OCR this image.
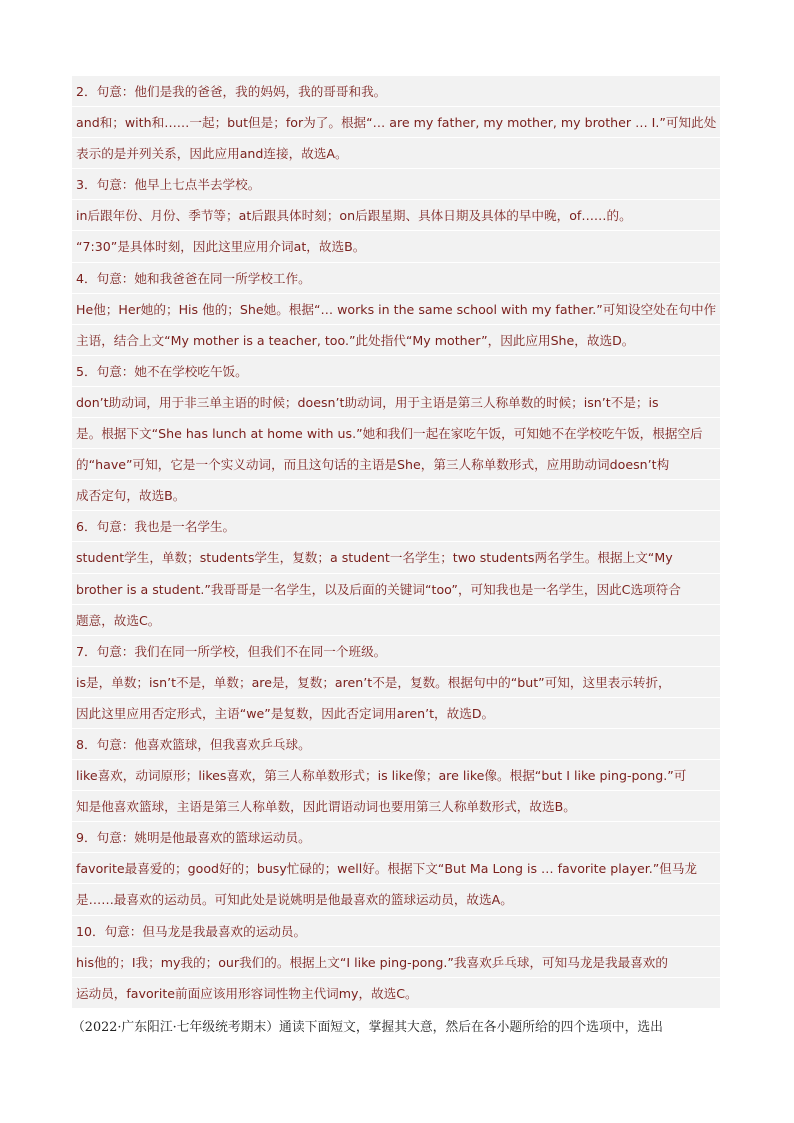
2．句意：他们是我的爸爸，我的妈妈，我的哥哥和我。
and和；with和……一起；but但是；for为了。根据“… are my father, my mother, my brother … I.”可知此处
表示的是并列关系，因此应用and连接，故选A。
3．句意：他早上七点半去学校。
in后跟年份、月份、季节等；at后跟具体时刻；on后跟星期、具体日期及具体的早中晚，of……的。
“7:30”是具体时刻，因此这里应用介词at，故选B。
4．句意：她和我爸爸在同一所学校工作。
He他；Her她的；His 他的；She她。根据“… works in the same school with my father.”可知设空处在句中作
主语，结合上文“My mother is a teacher, too.”此处指代“My mother”，因此应用She，故选D。
5．句意：她不在学校吃午饭。
don’t助动词，用于非三单主语的时候；doesn’t助动词，用于主语是第三人称单数的时候；isn’t不是；is
是。根据下文“She has lunch at home with us.”她和我们一起在家吃午饭，可知她不在学校吃午饭，根据空后
的“have”可知，它是一个实义动词，而且这句话的主语是She，第三人称单数形式，应用助动词doesn’t构
成否定句，故选B。
6．句意：我也是一名学生。
student学生，单数；students学生，复数；a student一名学生；two students两名学生。根据上文“My
brother is a student.”我哥哥是一名学生，以及后面的关键词“too”，可知我也是一名学生，因此C选项符合
题意，故选C。
7．句意：我们在同一所学校，但我们不在同一个班级。
is是，单数；isn’t不是，单数；are是，复数；aren’t不是，复数。根据句中的“but”可知，这里表示转折，
因此这里应用否定形式，主语“we”是复数，因此否定词用aren’t，故选D。
8．句意：他喜欢篮球，但我喜欢乒乓球。
like喜欢，动词原形；likes喜欢，第三人称单数形式；is like像；are like像。根据“but I like ping-pong.”可
知是他喜欢篮球，主语是第三人称单数，因此谓语动词也要用第三人称单数形式，故选B。
9．句意：姚明是他最喜欢的篮球运动员。
favorite最喜爱的；good好的；busy忙碌的；well好。根据下文“But Ma Long is … favorite player.”但马龙
是……最喜欢的运动员。可知此处是说姚明是他最喜欢的篮球运动员，故选A。
10．句意：但马龙是我最喜欢的运动员。
his他的；I我；my我的；our我们的。根据上文“I like ping-pong.”我喜欢乒乓球，可知马龙是我最喜欢的
运动员，favorite前面应该用形容词性物主代词my，故选C。
（2022·广东阳江·七年级统考期末）通读下面短文，掌握其大意，然后在各小题所给的四个选项中，选出
